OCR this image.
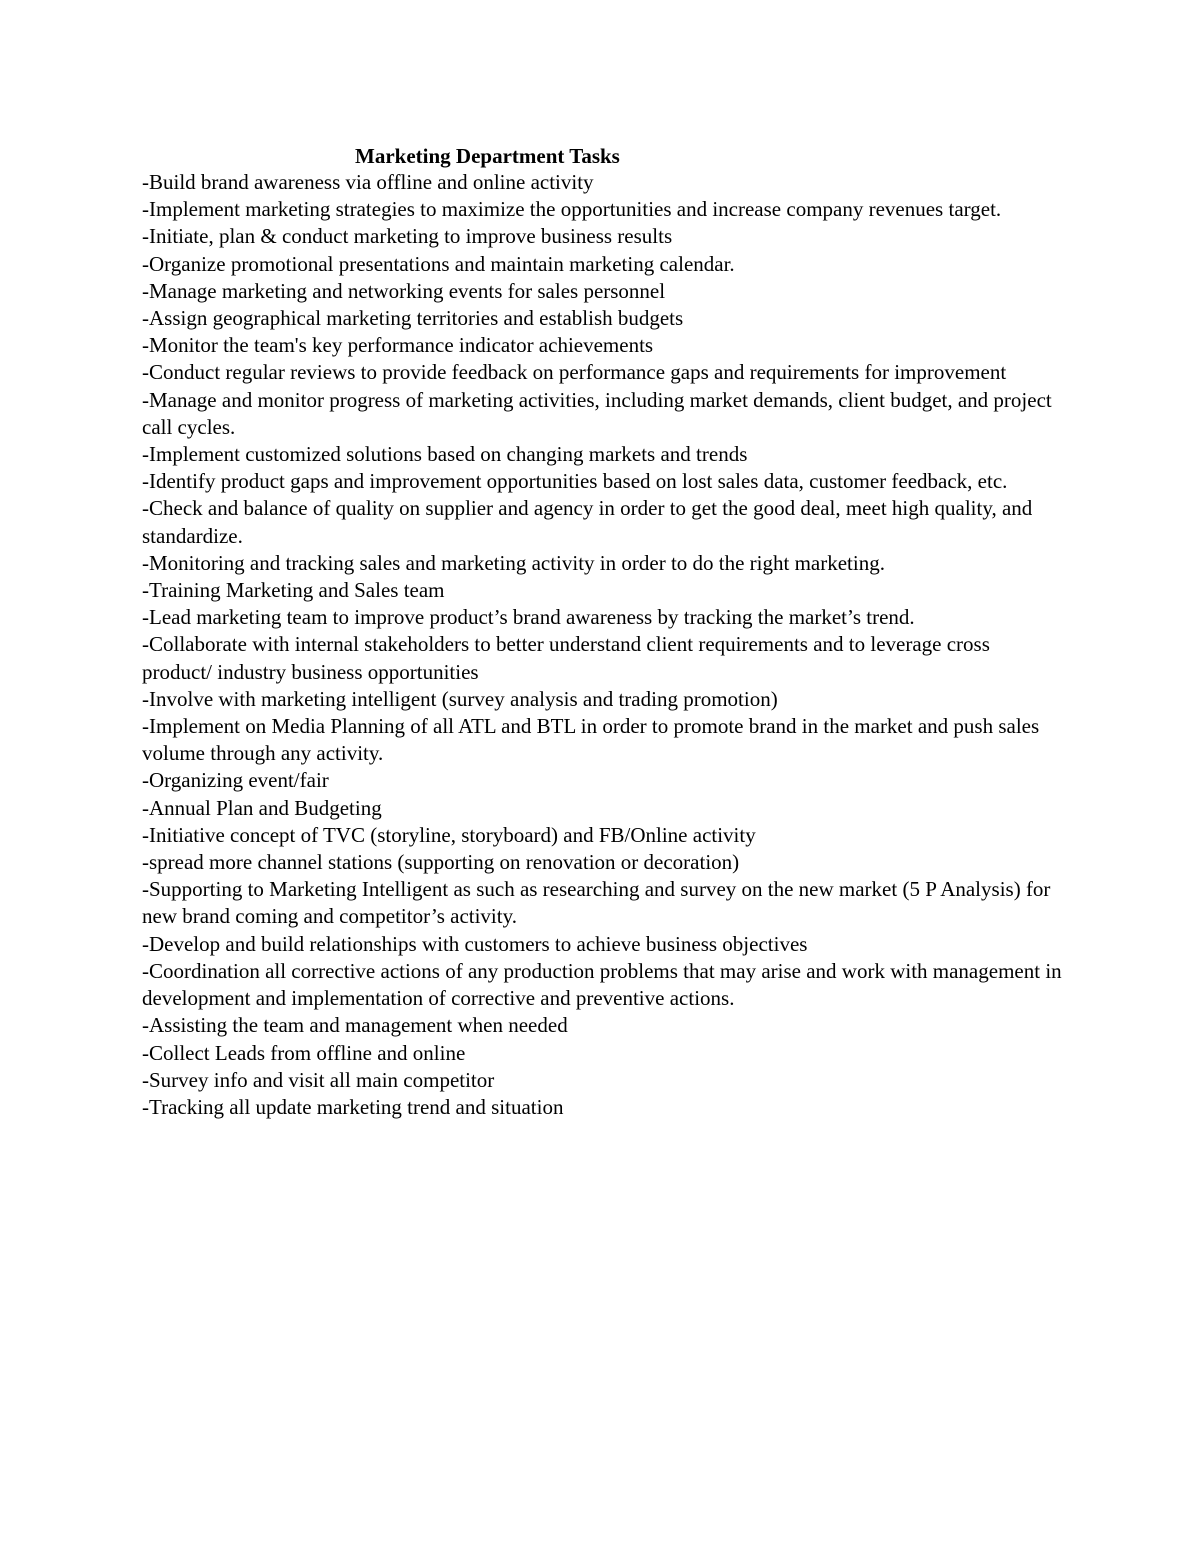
Marketing Department Tasks
-Build brand awareness via offline and online activity
-Implement marketing strategies to maximize the opportunities and increase company revenues target.
-Initiate, plan & conduct marketing to improve business results
-Organize promotional presentations and maintain marketing calendar.
-Manage marketing and networking events for sales personnel
-Assign geographical marketing territories and establish budgets
-Monitor the team's key performance indicator achievements
-Conduct regular reviews to provide feedback on performance gaps and requirements for improvement
-Manage and monitor progress of marketing activities, including market demands, client budget, and project call cycles.
-Implement customized solutions based on changing markets and trends
-Identify product gaps and improvement opportunities based on lost sales data, customer feedback, etc.
-Check and balance of quality on supplier and agency in order to get the good deal, meet high quality, and standardize.
-Monitoring and tracking sales and marketing activity in order to do the right marketing.
-Training Marketing and Sales team
-Lead marketing team to improve product’s brand awareness by tracking the market’s trend.
-Collaborate with internal stakeholders to better understand client requirements and to leverage cross product/ industry business opportunities
-Involve with marketing intelligent (survey analysis and trading promotion)
-Implement on Media Planning of all ATL and BTL in order to promote brand in the market and push sales volume through any activity.
-Organizing event/fair
-Annual Plan and Budgeting
-Initiative concept of TVC (storyline, storyboard) and FB/Online activity
-spread more channel stations (supporting on renovation or decoration)
-Supporting to Marketing Intelligent as such as researching and survey on the new market (5 P Analysis) for new brand coming and competitor’s activity.
-Develop and build relationships with customers to achieve business objectives
-Coordination all corrective actions of any production problems that may arise and work with management in development and implementation of corrective and preventive actions.
-Assisting the team and management when needed
-Collect Leads from offline and online
-Survey info and visit all main competitor
-Tracking all update marketing trend and situation
